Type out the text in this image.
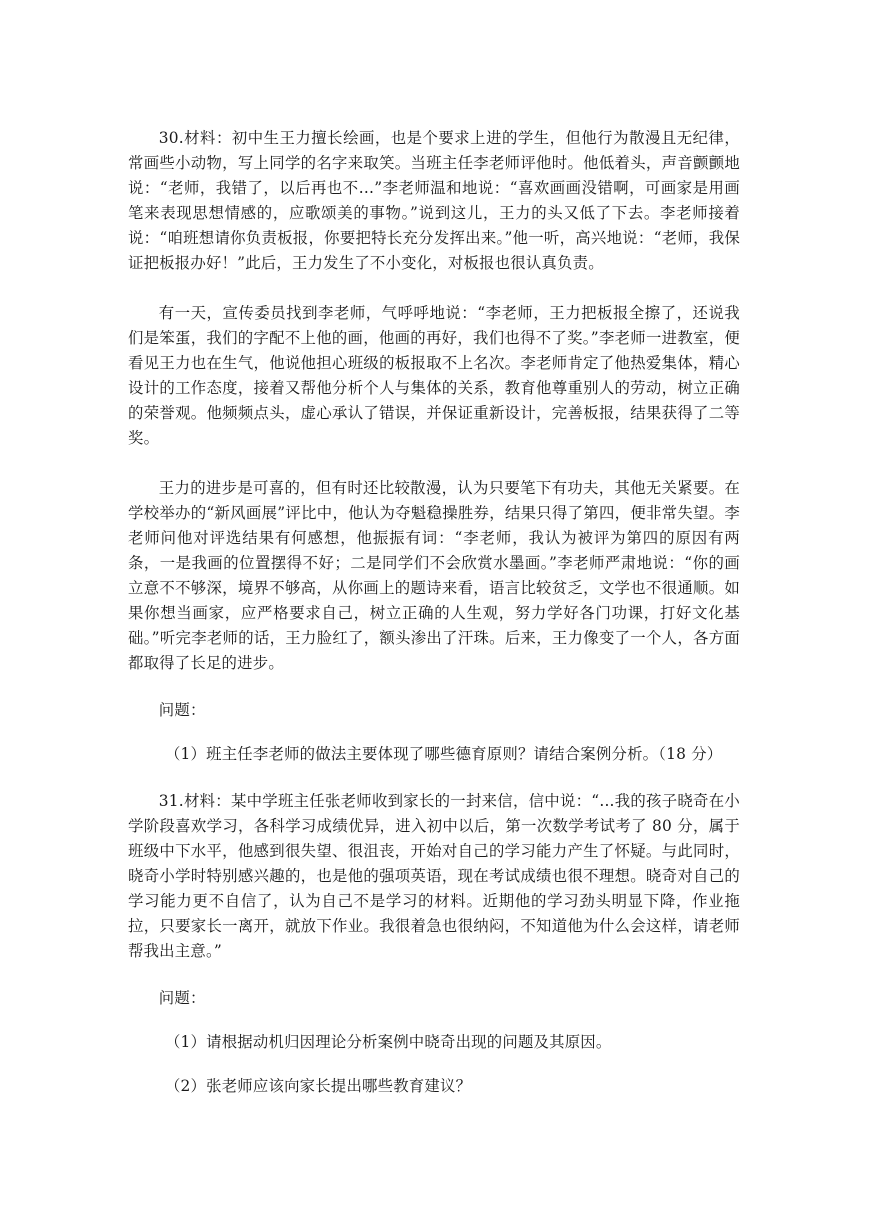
30.材料：初中生王力擅长绘画，也是个要求上进的学生，但他行为散漫且无纪律，常画些小动物，写上同学的名字来取笑。当班主任李老师评他时。他低着头，声音颤颤地说：“老师，我错了，以后再也不…”李老师温和地说：“喜欢画画没错啊，可画家是用画笔来表现思想情感的，应歌颂美的事物。”说到这儿，王力的头又低了下去。李老师接着说：“咱班想请你负责板报，你要把特长充分发挥出来。”他一听，高兴地说：“老师，我保证把板报办好！”此后，王力发生了不小变化，对板报也很认真负责。

有一天，宣传委员找到李老师，气呼呼地说：“李老师，王力把板报全擦了，还说我们是笨蛋，我们的字配不上他的画，他画的再好，我们也得不了奖。”李老师一进教室，便看见王力也在生气，他说他担心班级的板报取不上名次。李老师肯定了他热爱集体，精心设计的工作态度，接着又帮他分析个人与集体的关系，教育他尊重别人的劳动，树立正确的荣誉观。他频频点头，虚心承认了错误，并保证重新设计，完善板报，结果获得了二等奖。

王力的进步是可喜的，但有时还比较散漫，认为只要笔下有功夫，其他无关紧要。在学校举办的“新风画展”评比中，他认为夺魁稳操胜券，结果只得了第四，便非常失望。李老师问他对评选结果有何感想，他振振有词：“李老师，我认为被评为第四的原因有两条，一是我画的位置摆得不好；二是同学们不会欣赏水墨画。”李老师严肃地说：“你的画立意不不够深，境界不够高，从你画上的题诗来看，语言比较贫乏，文学也不很通顺。如果你想当画家，应严格要求自己，树立正确的人生观，努力学好各门功课，打好文化基础。”听完李老师的话，王力脸红了，额头渗出了汗珠。后来，王力像变了一个人，各方面都取得了长足的进步。

问题：

（1）班主任李老师的做法主要体现了哪些德育原则？请结合案例分析。（18 分）

31.材料：某中学班主任张老师收到家长的一封来信，信中说：“...我的孩子晓奇在小学阶段喜欢学习，各科学习成绩优异，进入初中以后，第一次数学考试考了 80 分，属于班级中下水平，他感到很失望、很沮丧，开始对自己的学习能力产生了怀疑。与此同时，晓奇小学时特别感兴趣的，也是他的强项英语，现在考试成绩也很不理想。晓奇对自己的学习能力更不自信了，认为自己不是学习的材料。近期他的学习劲头明显下降，作业拖拉，只要家长一离开，就放下作业。我很着急也很纳闷，不知道他为什么会这样，请老师帮我出主意。”

问题：

（1）请根据动机归因理论分析案例中晓奇出现的问题及其原因。

（2）张老师应该向家长提出哪些教育建议？
